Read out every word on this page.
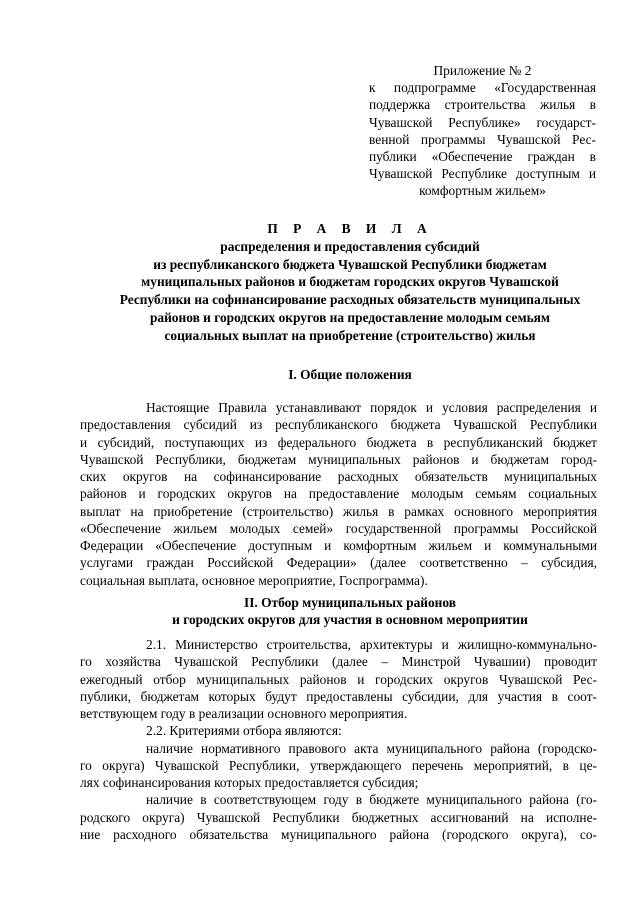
Приложение № 2
к подпрограмме «Государственная
поддержка строительства жилья в
Чувашской Республике» государст-
венной программы Чувашской Рес-
публики «Обеспечение граждан в
Чувашской Республике доступным и
комфортным жильем»
П Р А В И Л А
распределения и предоставления субсидий
из республиканского бюджета Чувашской Республики бюджетам
муниципальных районов и бюджетам городских округов Чувашской
Республики на софинансирование расходных обязательств муниципальных
районов и городских округов на предоставление молодым семьям
социальных выплат на приобретение (строительство) жилья
I. Общие положения
Настоящие Правила устанавливают порядок и условия распределения и
предоставления субсидий из республиканского бюджета Чувашской Республики
и субсидий, поступающих из федерального бюджета в республиканский бюджет
Чувашской Республики, бюджетам муниципальных районов и бюджетам город-
ских округов на софинансирование расходных обязательств муниципальных
районов и городских округов на предоставление молодым семьям социальных
выплат на приобретение (строительство) жилья в рамках основного мероприятия
«Обеспечение жильем молодых семей» государственной программы Российской
Федерации «Обеспечение доступным и комфортным жильем и коммунальными
услугами граждан Российской Федерации» (далее соответственно – субсидия,
социальная выплата, основное мероприятие, Госпрограмма).
II. Отбор муниципальных районов
и городских округов для участия в основном мероприятии
2.1. Министерство строительства, архитектуры и жилищно-коммунально-
го хозяйства Чувашской Республики (далее – Минстрой Чувашии) проводит
ежегодный отбор муниципальных районов и городских округов Чувашской Рес-
публики, бюджетам которых будут предоставлены субсидии, для участия в соот-
ветствующем году в реализации основного мероприятия.
2.2. Критериями отбора являются:
наличие нормативного правового акта муниципального района (городско-
го округа) Чувашской Республики, утверждающего перечень мероприятий, в це-
лях софинансирования которых предоставляется субсидия;
наличие в соответствующем году в бюджете муниципального района (го-
родского округа) Чувашской Республики бюджетных ассигнований на исполне-
ние расходного обязательства муниципального района (городского округа), со-
